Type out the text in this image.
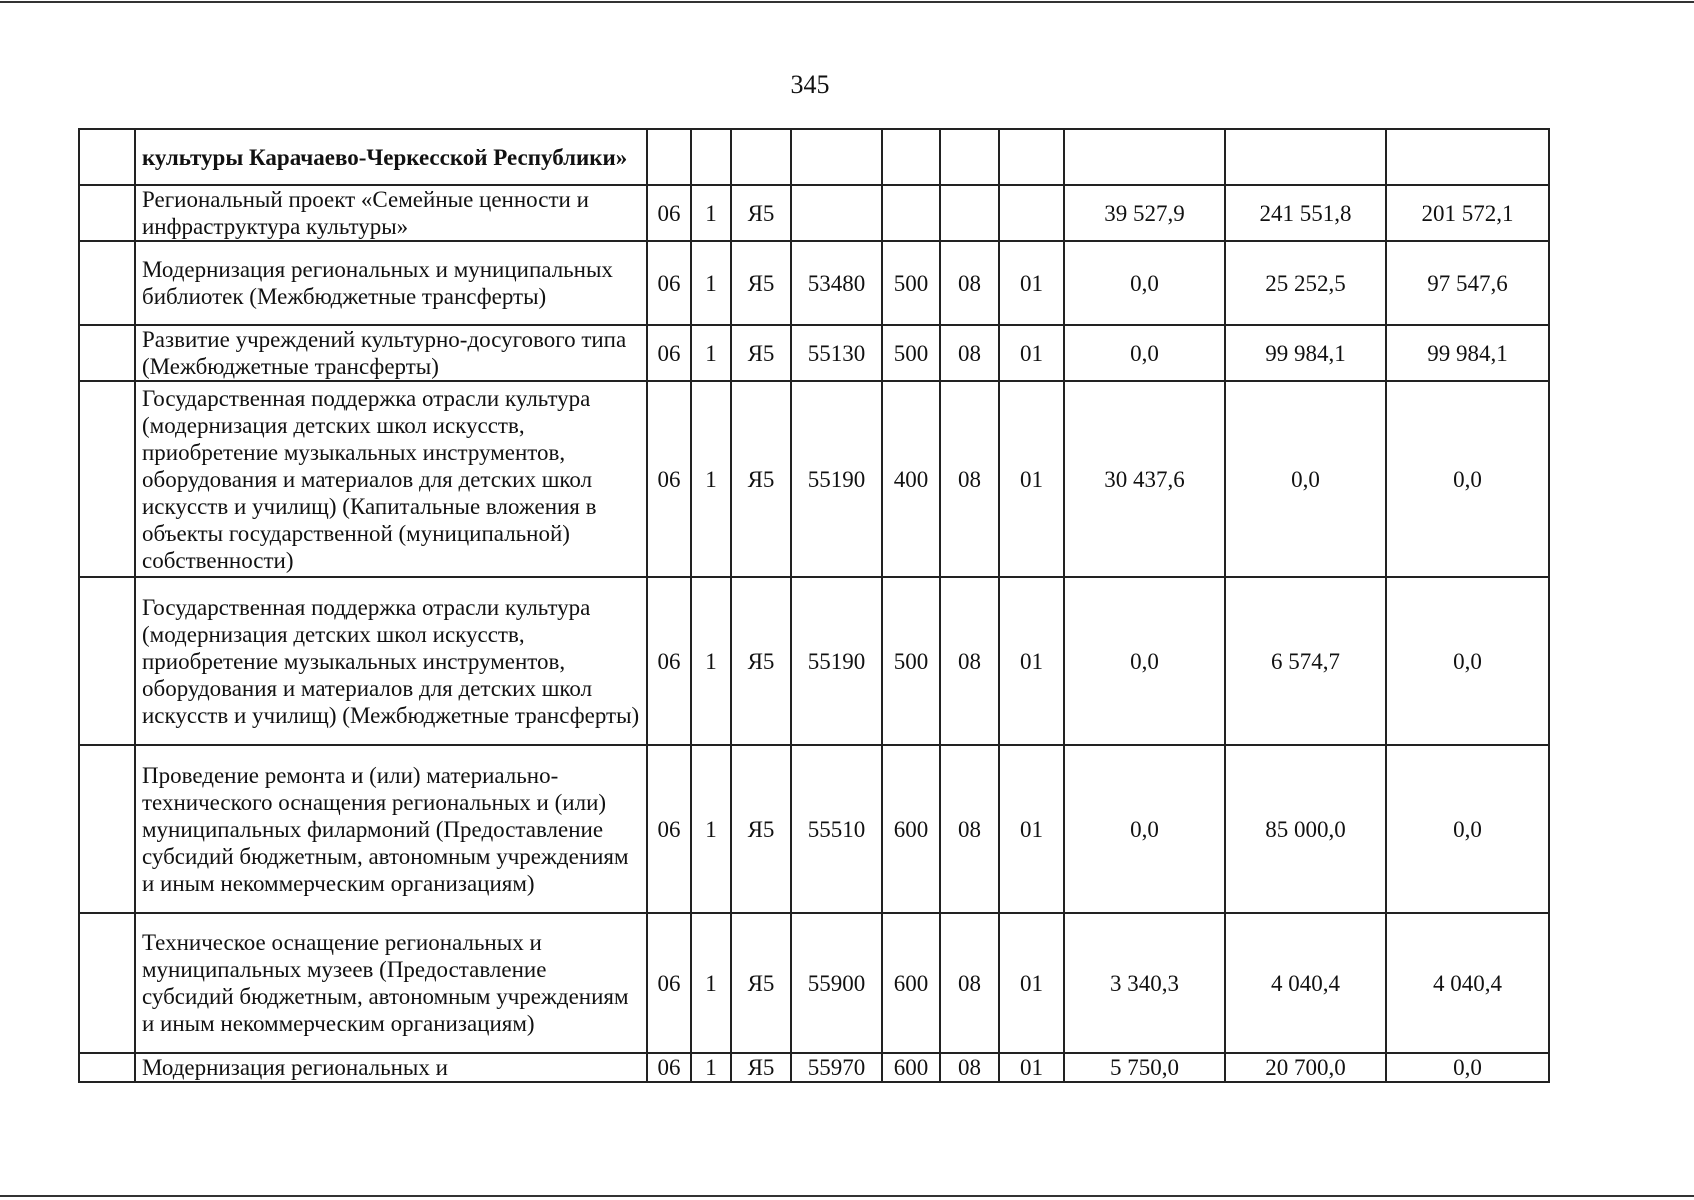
345
	культуры Карачаево-Черкесской Республики»										
	Региональный проект «Семейные ценности и инфраструктура культуры»	06	1	Я5					39 527,9	241 551,8	201 572,1
	Модернизация региональных и муниципальных библиотек (Межбюджетные трансферты)	06	1	Я5	53480	500	08	01	0,0	25 252,5	97 547,6
	Развитие учреждений культурно-досугового типа (Межбюджетные трансферты)	06	1	Я5	55130	500	08	01	0,0	99 984,1	99 984,1
	Государственная поддержка отрасли культура (модернизация детских школ искусств, приобретение музыкальных инструментов, оборудования и материалов для детских школ искусств и училищ) (Капитальные вложения в объекты государственной (муниципальной) собственности)	06	1	Я5	55190	400	08	01	30 437,6	0,0	0,0
	Государственная поддержка отрасли культура (модернизация детских школ искусств, приобретение музыкальных инструментов, оборудования и материалов для детских школ искусств и училищ) (Межбюджетные трансферты)	06	1	Я5	55190	500	08	01	0,0	6 574,7	0,0
	Проведение ремонта и (или) материально-технического оснащения региональных и (или) муниципальных филармоний (Предоставление субсидий бюджетным, автономным учреждениям и иным некоммерческим организациям)	06	1	Я5	55510	600	08	01	0,0	85 000,0	0,0
	Техническое оснащение региональных и муниципальных музеев (Предоставление субсидий бюджетным, автономным учреждениям и иным некоммерческим организациям)	06	1	Я5	55900	600	08	01	3 340,3	4 040,4	4 040,4
	Модернизация региональных и	06	1	Я5	55970	600	08	01	5 750,0	20 700,0	0,0
